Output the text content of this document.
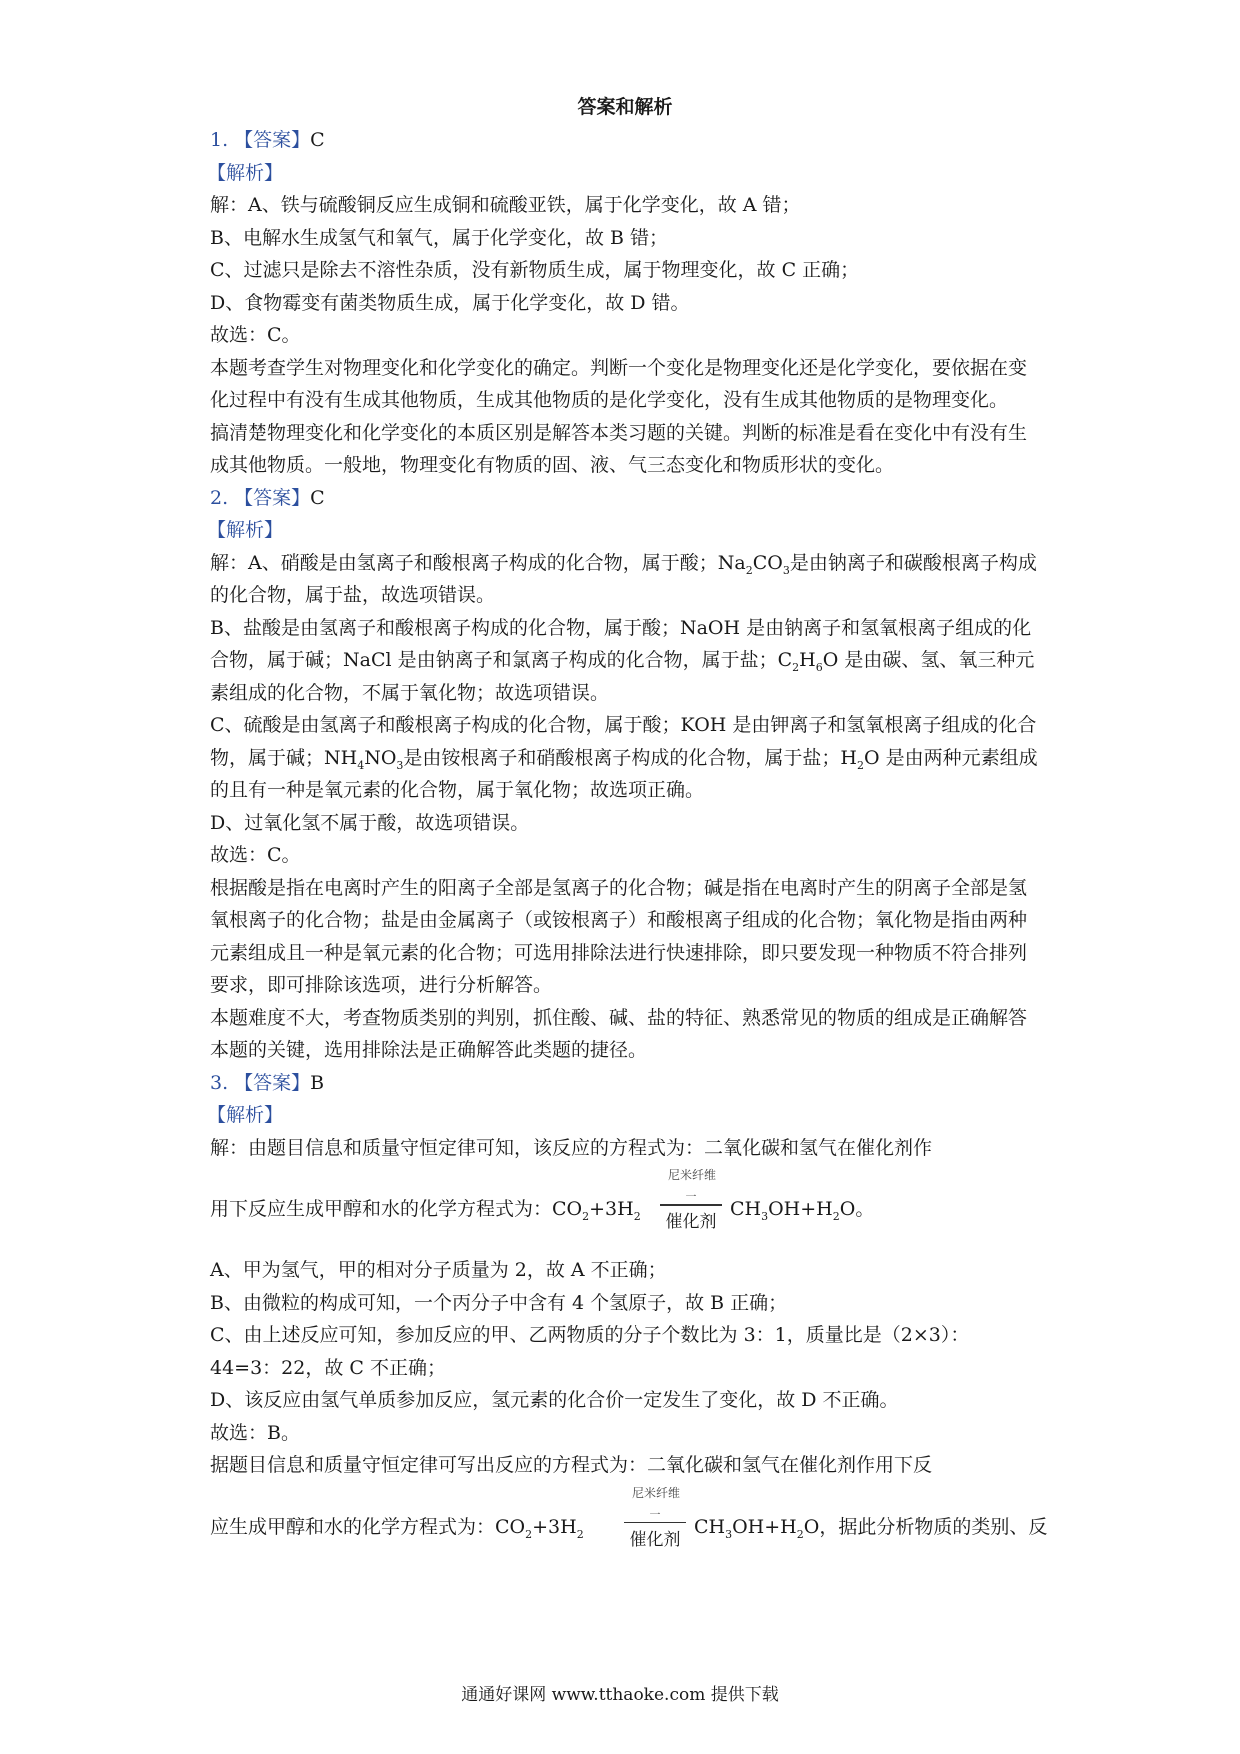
答案和解析

1. 【答案】C

【解析】

解：A、铁与硫酸铜反应生成铜和硫酸亚铁，属于化学变化，故 A 错；

B、电解水生成氢气和氧气，属于化学变化，故 B 错；

C、过滤只是除去不溶性杂质，没有新物质生成，属于物理变化，故 C 正确；

D、食物霉变有菌类物质生成，属于化学变化，故 D 错。

故选：C。

本题考查学生对物理变化和化学变化的确定。判断一个变化是物理变化还是化学变化，要依据在变化过程中有没有生成其他物质，生成其他物质的是化学变化，没有生成其他物质的是物理变化。

搞清楚物理变化和化学变化的本质区别是解答本类习题的关键。判断的标准是看在变化中有没有生成其他物质。一般地，物理变化有物质的固、液、气三态变化和物质形状的变化。

2. 【答案】C

【解析】

解：A、硝酸是由氢离子和酸根离子构成的化合物，属于酸；$Na_2CO_3$是由钠离子和碳酸根离子构成的化合物，属于盐，故选项错误。

B、盐酸是由氢离子和酸根离子构成的化合物，属于酸；NaOH 是由钠离子和氢氧根离子组成的化合物，属于碱；NaCl 是由钠离子和氯离子构成的化合物，属于盐；$C_2H_6O$ 是由碳、氢、氧三种元素组成的化合物，不属于氧化物；故选项错误。

C、硫酸是由氢离子和酸根离子构成的化合物，属于酸；KOH 是由钾离子和氢氧根离子组成的化合物，属于碱；$NH_4NO_3$是由铵根离子和硝酸根离子构成的化合物，属于盐；$H_2O$ 是由两种元素组成的且有一种是氧元素的化合物，属于氧化物；故选项正确。

D、过氧化氢不属于酸，故选项错误。

故选：C。

根据酸是指在电离时产生的阳离子全部是氢离子的化合物；碱是指在电离时产生的阴离子全部是氢氧根离子的化合物；盐是由金属离子（或铵根离子）和酸根离子组成的化合物；氧化物是指由两种元素组成且一种是氧元素的化合物；可选用排除法进行快速排除，即只要发现一种物质不符合排列要求，即可排除该选项，进行分析解答。

本题难度不大，考查物质类别的判别，抓住酸、碱、盐的特征、熟悉常见的物质的组成是正确解答本题的关键，选用排除法是正确解答此类题的捷径。

3. 【答案】B

【解析】

解：由题目信息和质量守恒定律可知，该反应的方程式为：二氧化碳和氢气在催化剂作

用下反应生成甲醇和水的化学方程式为：$CO_2+3H_2$
尼米纤维
一
催化剂
$CH_3OH+H_2O$。

A、甲为氢气，甲的相对分子质量为 2，故 A 不正确；

B、由微粒的构成可知，一个丙分子中含有 4 个氢原子，故 B 正确；

C、由上述反应可知，参加反应的甲、乙两物质的分子个数比为 3：1，质量比是（2×3）：

44=3：22，故 C 不正确；

D、该反应由氢气单质参加反应，氢元素的化合价一定发生了变化，故 D 不正确。

故选：B。

据题目信息和质量守恒定律可写出反应的方程式为：二氧化碳和氢气在催化剂作用下反

应生成甲醇和水的化学方程式为：$CO_2+3H_2$
尼米纤维
一
催化剂
$CH_3OH+H_2O$，据此分析物质的类别、反
通通好课网 www.tthaoke.com 提供下载
